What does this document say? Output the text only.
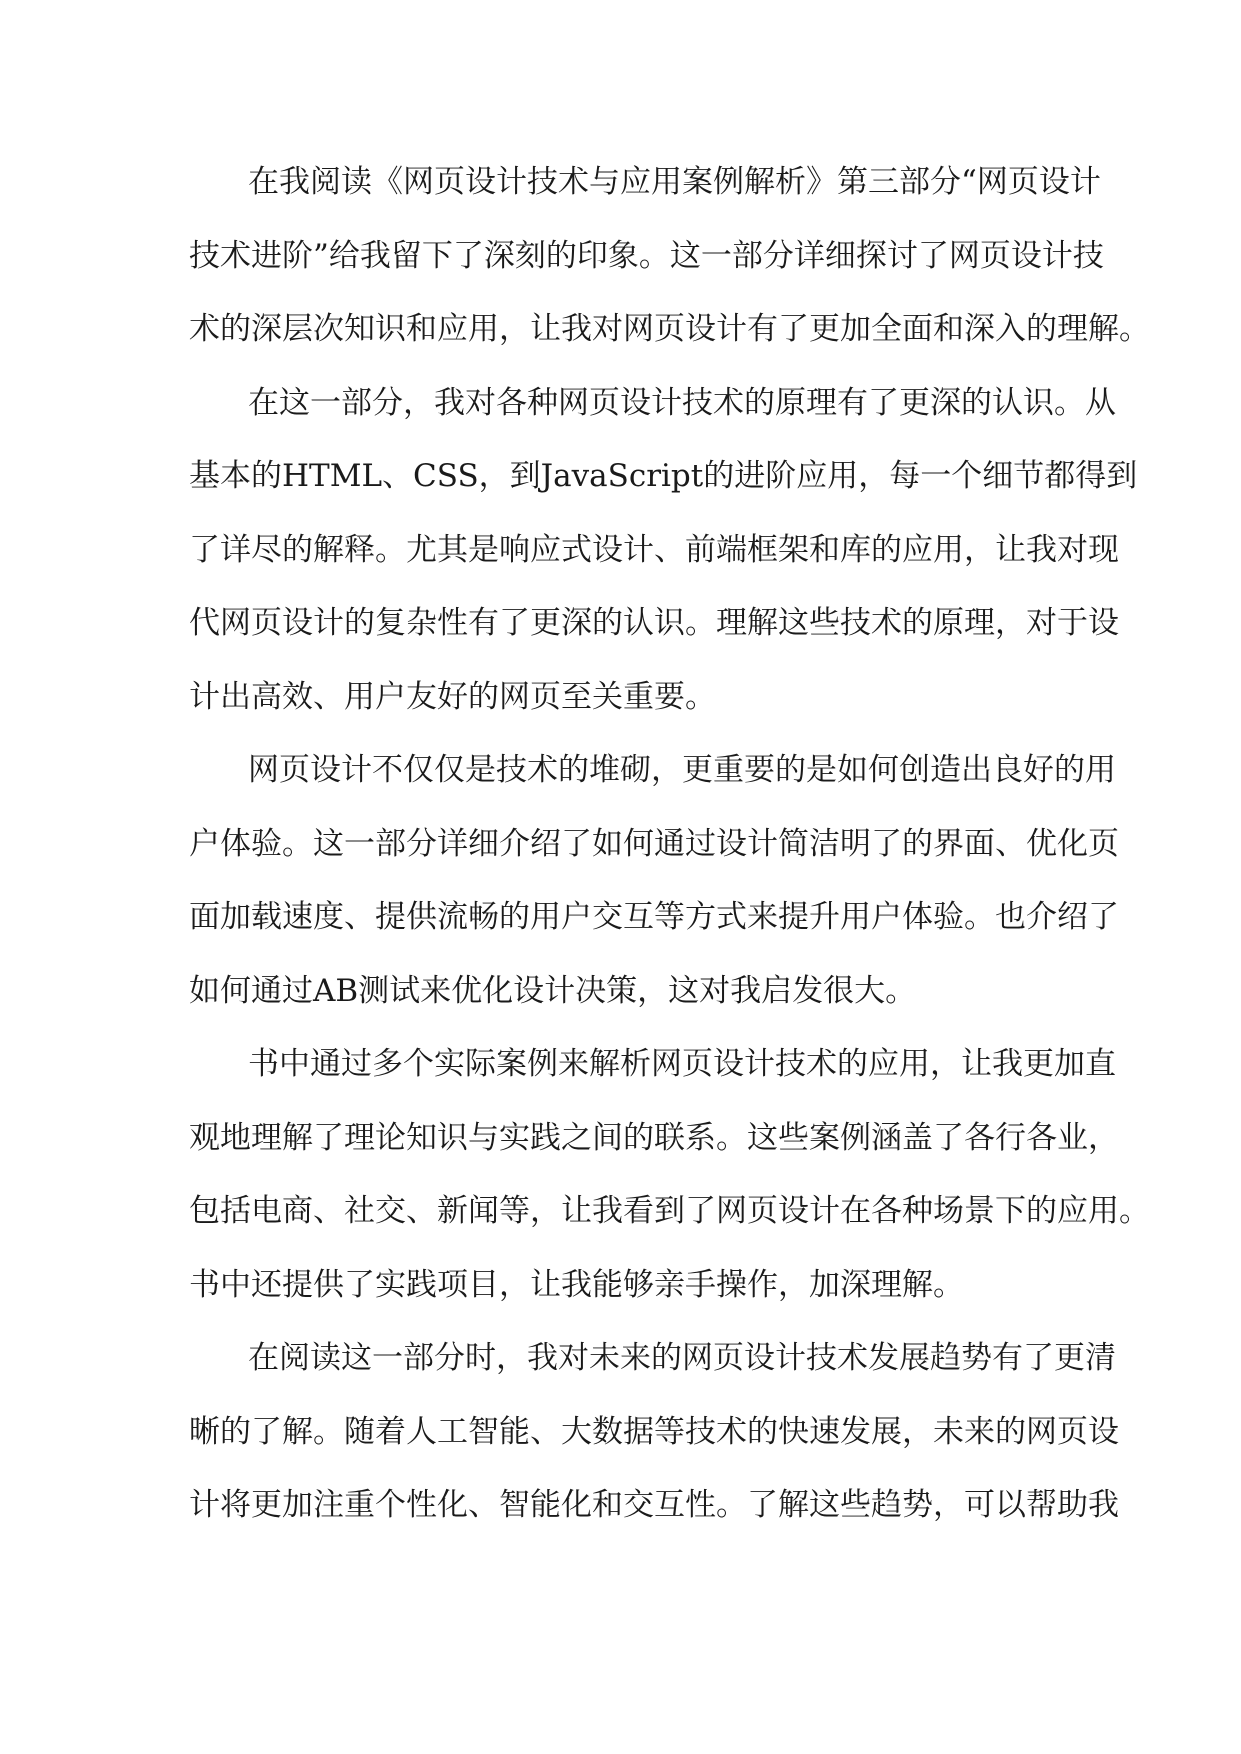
在我阅读《网页设计技术与应用案例解析》第三部分“网页设计
技术进阶”给我留下了深刻的印象。这一部分详细探讨了网页设计技
术的深层次知识和应用，让我对网页设计有了更加全面和深入的理解。
在这一部分，我对各种网页设计技术的原理有了更深的认识。从
基本的HTML、CSS，到JavaScript的进阶应用，每一个细节都得到
了详尽的解释。尤其是响应式设计、前端框架和库的应用，让我对现
代网页设计的复杂性有了更深的认识。理解这些技术的原理，对于设
计出高效、用户友好的网页至关重要。
网页设计不仅仅是技术的堆砌，更重要的是如何创造出良好的用
户体验。这一部分详细介绍了如何通过设计简洁明了的界面、优化页
面加载速度、提供流畅的用户交互等方式来提升用户体验。也介绍了
如何通过AB测试来优化设计决策，这对我启发很大。
书中通过多个实际案例来解析网页设计技术的应用，让我更加直
观地理解了理论知识与实践之间的联系。这些案例涵盖了各行各业，
包括电商、社交、新闻等，让我看到了网页设计在各种场景下的应用。
书中还提供了实践项目，让我能够亲手操作，加深理解。
在阅读这一部分时，我对未来的网页设计技术发展趋势有了更清
晰的了解。随着人工智能、大数据等技术的快速发展，未来的网页设
计将更加注重个性化、智能化和交互性。了解这些趋势，可以帮助我
